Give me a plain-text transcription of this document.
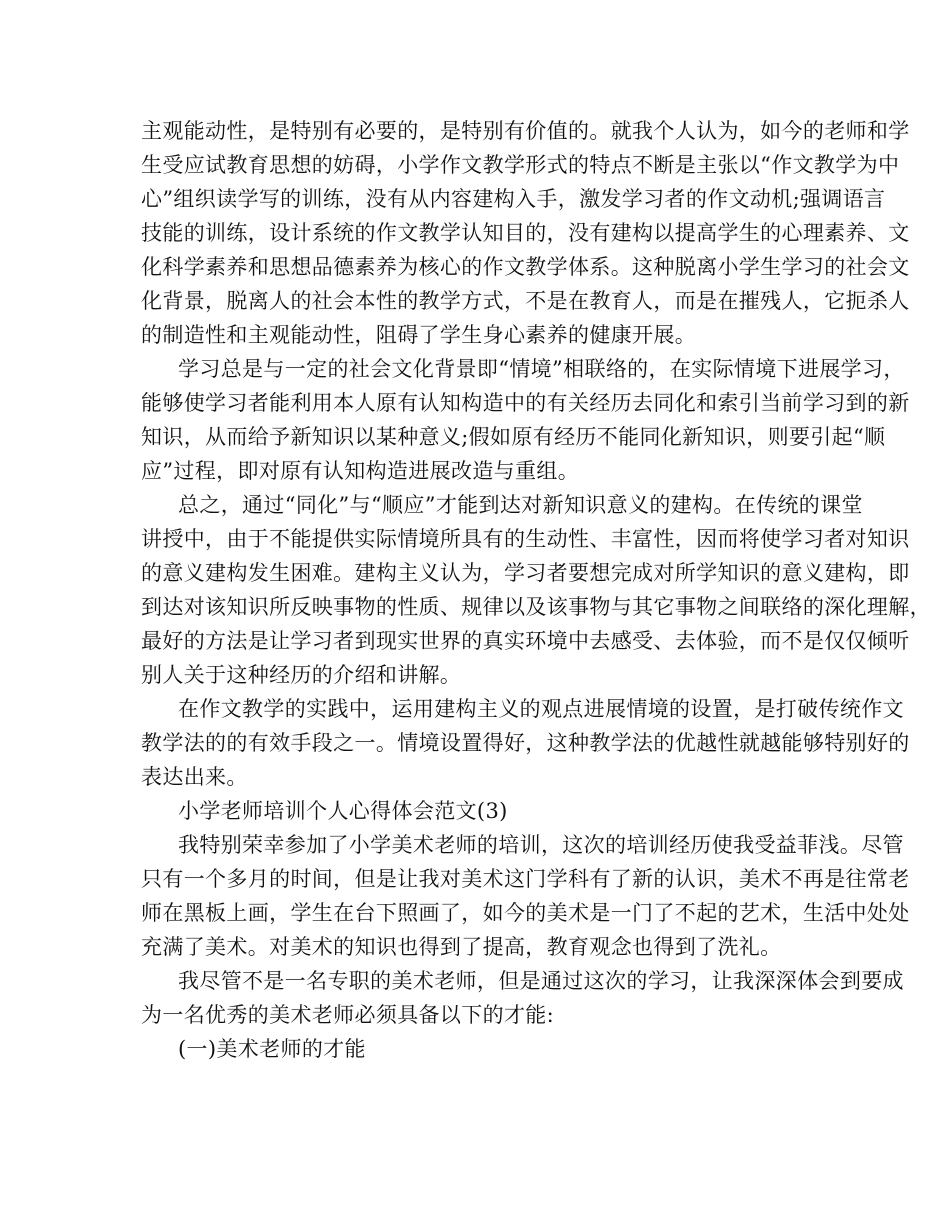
主观能动性，是特别有必要的，是特别有价值的。就我个人认为，如今的老师和学
生受应试教育思想的妨碍，小学作文教学形式的特点不断是主张以“作文教学为中
心”组织读学写的训练，没有从内容建构入手，激发学习者的作文动机;强调语言
技能的训练，设计系统的作文教学认知目的，没有建构以提高学生的心理素养、文
化科学素养和思想品德素养为核心的作文教学体系。这种脱离小学生学习的社会文
化背景，脱离人的社会本性的教学方式，不是在教育人，而是在摧残人，它扼杀人
的制造性和主观能动性，阻碍了学生身心素养的健康开展。
学习总是与一定的社会文化背景即“情境”相联络的，在实际情境下进展学习，
能够使学习者能利用本人原有认知构造中的有关经历去同化和索引当前学习到的新
知识，从而给予新知识以某种意义;假如原有经历不能同化新知识，则要引起“顺
应”过程，即对原有认知构造进展改造与重组。
总之，通过“同化”与“顺应”才能到达对新知识意义的建构。在传统的课堂
讲授中，由于不能提供实际情境所具有的生动性、丰富性，因而将使学习者对知识
的意义建构发生困难。建构主义认为，学习者要想完成对所学知识的意义建构，即
到达对该知识所反映事物的性质、规律以及该事物与其它事物之间联络的深化理解，
最好的方法是让学习者到现实世界的真实环境中去感受、去体验，而不是仅仅倾听
别人关于这种经历的介绍和讲解。
在作文教学的实践中，运用建构主义的观点进展情境的设置，是打破传统作文
教学法的的有效手段之一。情境设置得好，这种教学法的优越性就越能够特别好的
表达出来。
小学老师培训个人心得体会范文(3)
我特别荣幸参加了小学美术老师的培训，这次的培训经历使我受益菲浅。尽管
只有一个多月的时间，但是让我对美术这门学科有了新的认识，美术不再是往常老
师在黑板上画，学生在台下照画了，如今的美术是一门了不起的艺术，生活中处处
充满了美术。对美术的知识也得到了提高，教育观念也得到了洗礼。
我尽管不是一名专职的美术老师，但是通过这次的学习，让我深深体会到要成
为一名优秀的美术老师必须具备以下的才能:
(一)美术老师的才能
